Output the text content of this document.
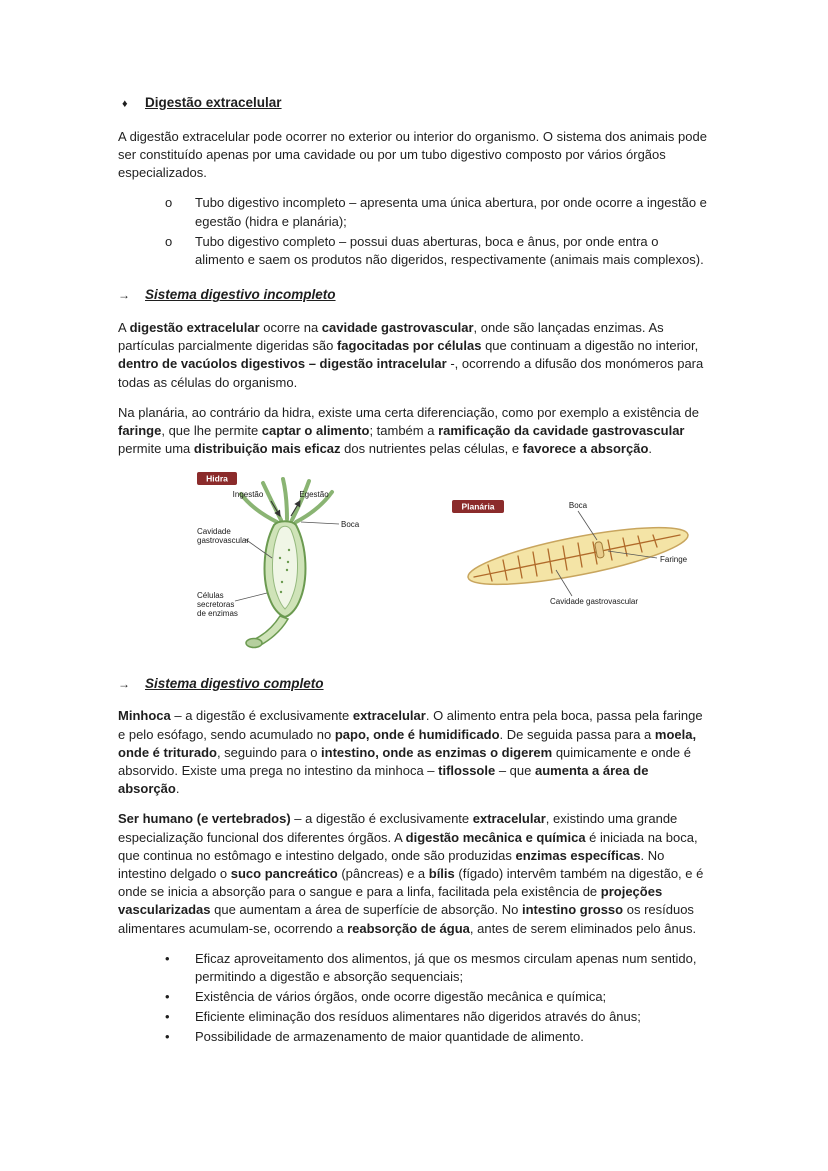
♦	Digestão extracelular

A digestão extracelular pode ocorrer no exterior ou interior do organismo. O sistema dos animais pode ser constituído apenas por uma cavidade ou por um tubo digestivo composto por vários órgãos especializados.

o	Tubo digestivo incompleto – apresenta uma única abertura, por onde ocorre a ingestão e egestão (hidra e planária);
o	Tubo digestivo completo – possui duas aberturas, boca e ânus, por onde entra o alimento e saem os produtos não digeridos, respectivamente (animais mais complexos).
→	Sistema digestivo incompleto

A digestão extracelular ocorre na cavidade gastrovascular, onde são lançadas enzimas. As partículas parcialmente digeridas são fagocitadas por células que continuam a digestão no interior, dentro de vacúolos digestivos – digestão intracelular -, ocorrendo a difusão dos monómeros para todas as células do organismo.

Na planária, ao contrário da hidra, existe uma certa diferenciação, como por exemplo a existência de faringe, que lhe permite captar o alimento; também a ramificação da cavidade gastrovascular permite uma distribuição mais eficaz dos nutrientes pelas células, e favorece a absorção.

Hidra
Ingestão	Egestão
Boca
Cavidade
gastrovascular
Células
secretoras
de enzimas
Planária	Boca
Faringe
Cavidade gastrovascular
→	Sistema digestivo completo

Minhoca – a digestão é exclusivamente extracelular. O alimento entra pela boca, passa pela faringe e pelo esófago, sendo acumulado no papo, onde é humidificado. De seguida passa para a moela, onde é triturado, seguindo para o intestino, onde as enzimas o digerem quimicamente e onde é absorvido. Existe uma prega no intestino da minhoca – tiflossole – que aumenta a área de absorção.

Ser humano (e vertebrados) – a digestão é exclusivamente extracelular, existindo uma grande especialização funcional dos diferentes órgãos. A digestão mecânica e química é iniciada na boca, que continua no estômago e intestino delgado, onde são produzidas enzimas específicas. No intestino delgado o suco pancreático (pâncreas) e a bílis (fígado) intervêm também na digestão, e é onde se inicia a absorção para o sangue e para a linfa, facilitada pela existência de projeções vascularizadas que aumentam a área de superfície de absorção. No intestino grosso os resíduos alimentares acumulam-se, ocorrendo a reabsorção de água, antes de serem eliminados pelo ânus.

•	Eficaz aproveitamento dos alimentos, já que os mesmos circulam apenas num sentido, permitindo a digestão e absorção sequenciais;
•	Existência de vários órgãos, onde ocorre digestão mecânica e química;
•	Eficiente eliminação dos resíduos alimentares não digeridos através do ânus;
•	Possibilidade de armazenamento de maior quantidade de alimento.
